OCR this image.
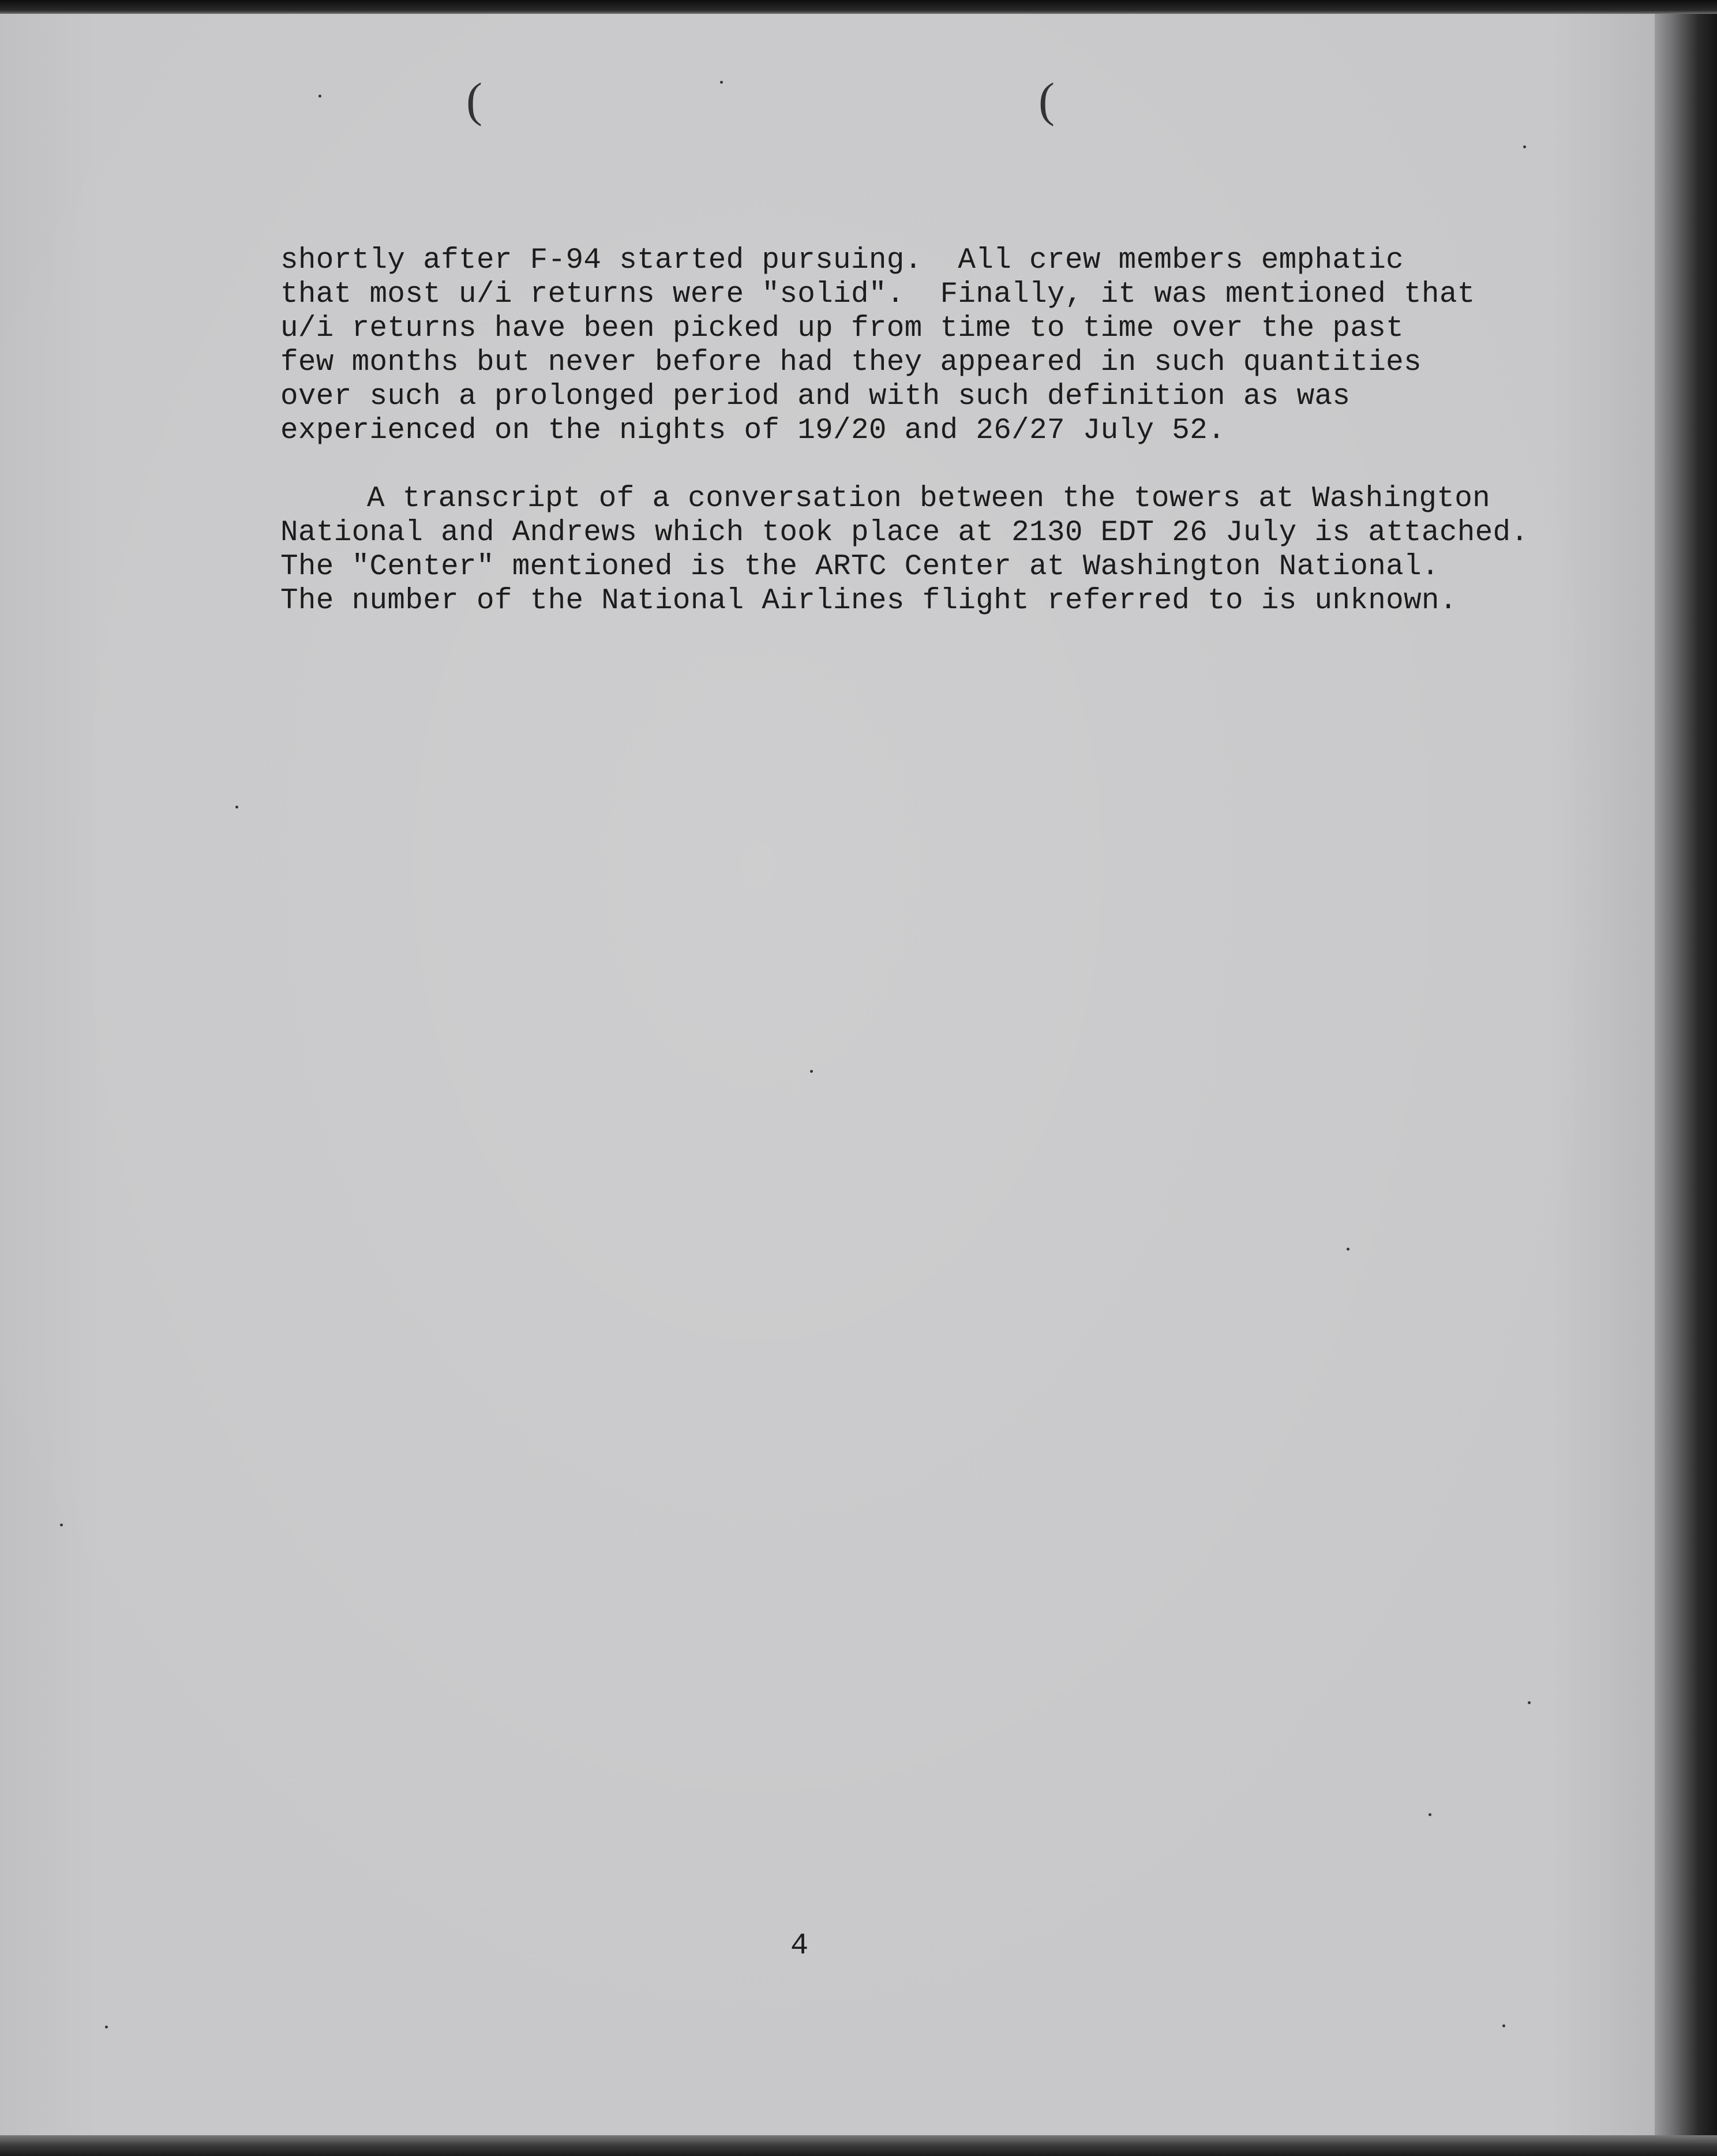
(	(
shortly after F-94 started pursuing.  All crew members emphatic
that most u/i returns were "solid".  Finally, it was mentioned that
u/i returns have been picked up from time to time over the past
few months but never before had they appeared in such quantities
over such a prolonged period and with such definition as was
experienced on the nights of 19/20 and 26/27 July 52.
A transcript of a conversation between the towers at Washington
National and Andrews which took place at 2130 EDT 26 July is attached.
The "Center" mentioned is the ARTC Center at Washington National.
The number of the National Airlines flight referred to is unknown.
4
